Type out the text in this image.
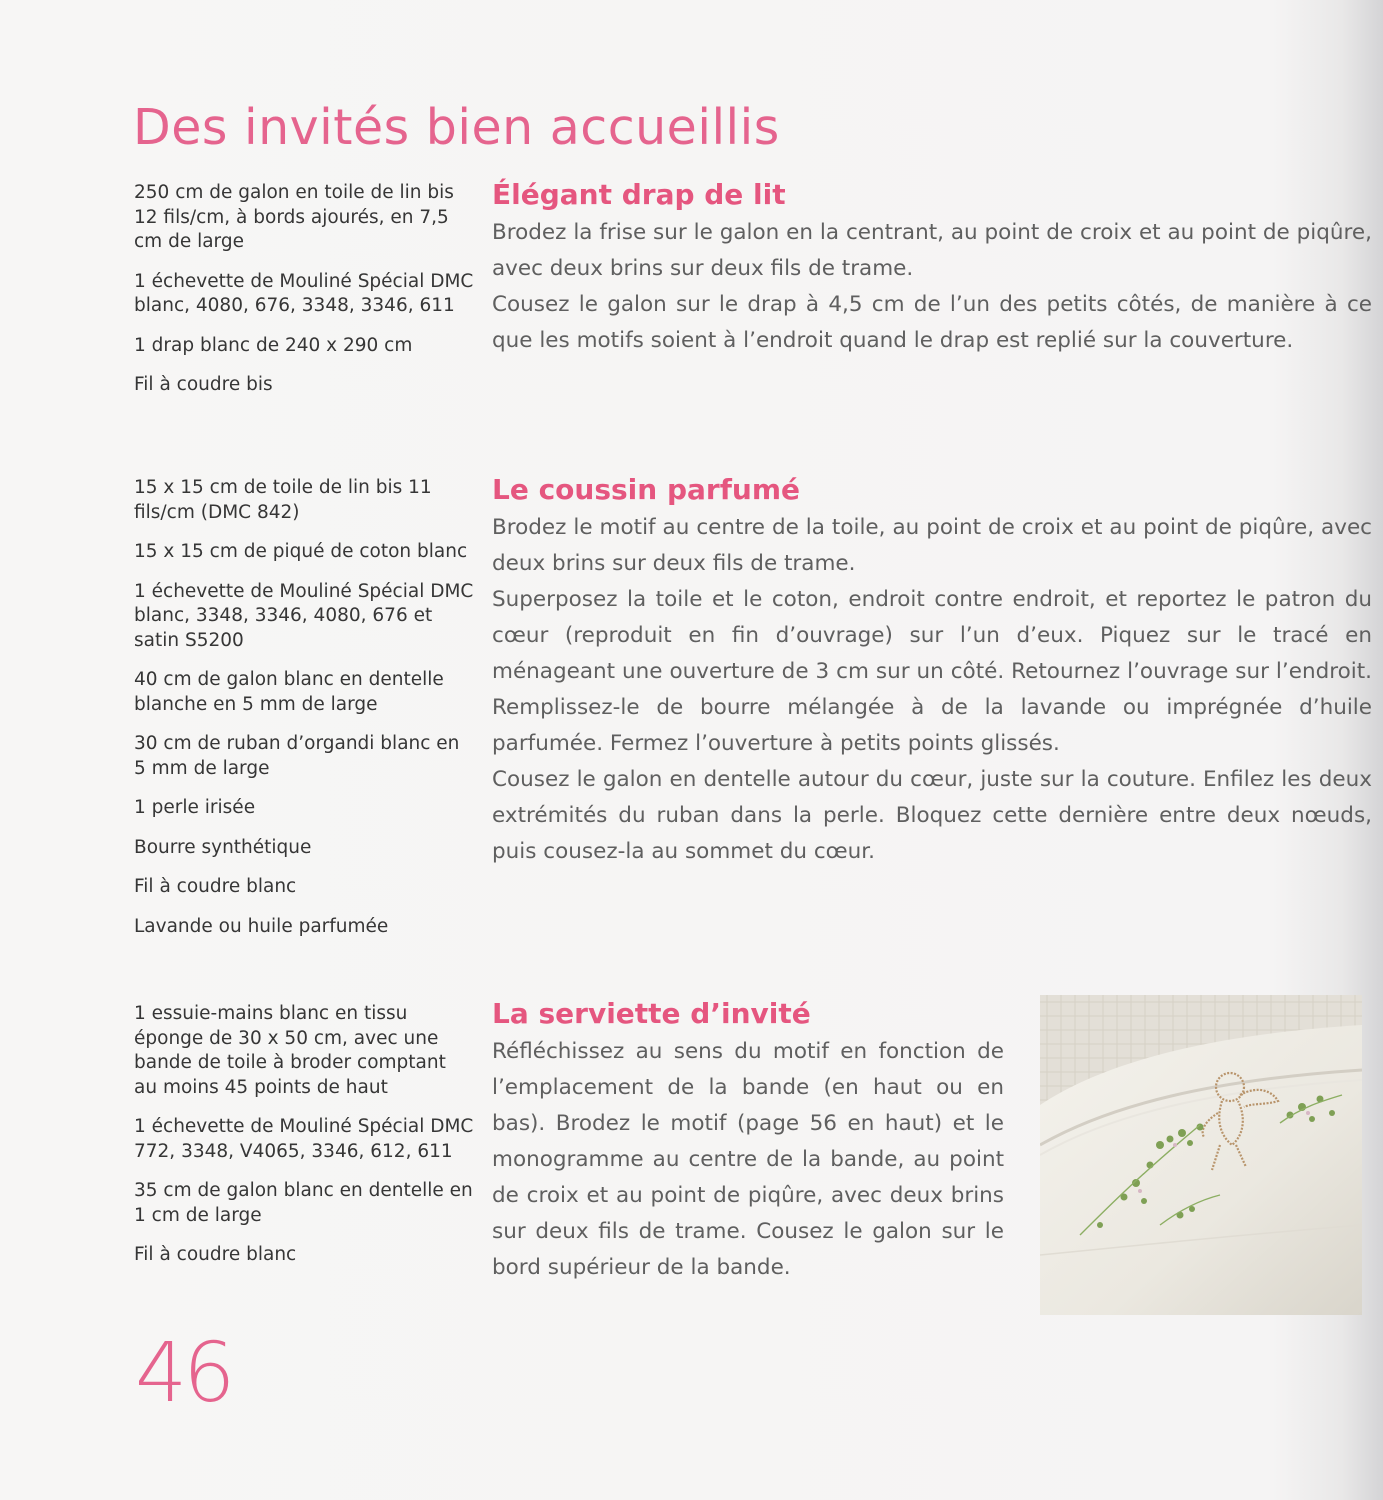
Des invités bien accueillis

250 cm de galon en toile de lin bis 12 fils/cm, à bords ajourés, en 7,5 cm de large

1 échevette de Mouliné Spécial DMC blanc, 4080, 676, 3348, 3346, 611

1 drap blanc de 240 x 290 cm

Fil à coudre bis

15 x 15 cm de toile de lin bis 11 fils/cm (DMC 842)

15 x 15 cm de piqué de coton blanc

1 échevette de Mouliné Spécial DMC blanc, 3348, 3346, 4080, 676 et satin S5200

40 cm de galon blanc en dentelle blanche en 5 mm de large

30 cm de ruban d’organdi blanc en 5 mm de large

1 perle irisée

Bourre synthétique

Fil à coudre blanc

Lavande ou huile parfumée

1 essuie-mains blanc en tissu éponge de 30 x 50 cm, avec une bande de toile à broder comptant au moins 45 points de haut

1 échevette de Mouliné Spécial DMC 772, 3348, V4065, 3346, 612, 611

35 cm de galon blanc en dentelle en 1 cm de large

Fil à coudre blanc

Élégant drap de lit

Brodez la frise sur le galon en la centrant, au point de croix et au point de piqûre, avec deux brins sur deux fils de trame.

Cousez le galon sur le drap à 4,5 cm de l’un des petits côtés, de manière à ce que les motifs soient à l’endroit quand le drap est replié sur la couverture.

Le coussin parfumé

Brodez le motif au centre de la toile, au point de croix et au point de piqûre, avec deux brins sur deux fils de trame.

Superposez la toile et le coton, endroit contre endroit, et reportez le patron du cœur (reproduit en fin d’ouvrage) sur l’un d’eux. Piquez sur le tracé en ménageant une ouverture de 3 cm sur un côté. Retournez l’ouvrage sur l’endroit. Remplissez-le de bourre mélangée à de la lavande ou imprégnée d’huile parfumée. Fermez l’ouverture à petits points glissés.

Cousez le galon en dentelle autour du cœur, juste sur la couture. Enfilez les deux extrémités du ruban dans la perle. Bloquez cette dernière entre deux nœuds, puis cousez-la au sommet du cœur.

La serviette d’invité

Réfléchissez au sens du motif en fonction de l’emplacement de la bande (en haut ou en bas). Brodez le motif (page 56 en haut) et le monogramme au centre de la bande, au point de croix et au point de piqûre, avec deux brins sur deux fils de trame. Cousez le galon sur le bord supérieur de la bande.

46
